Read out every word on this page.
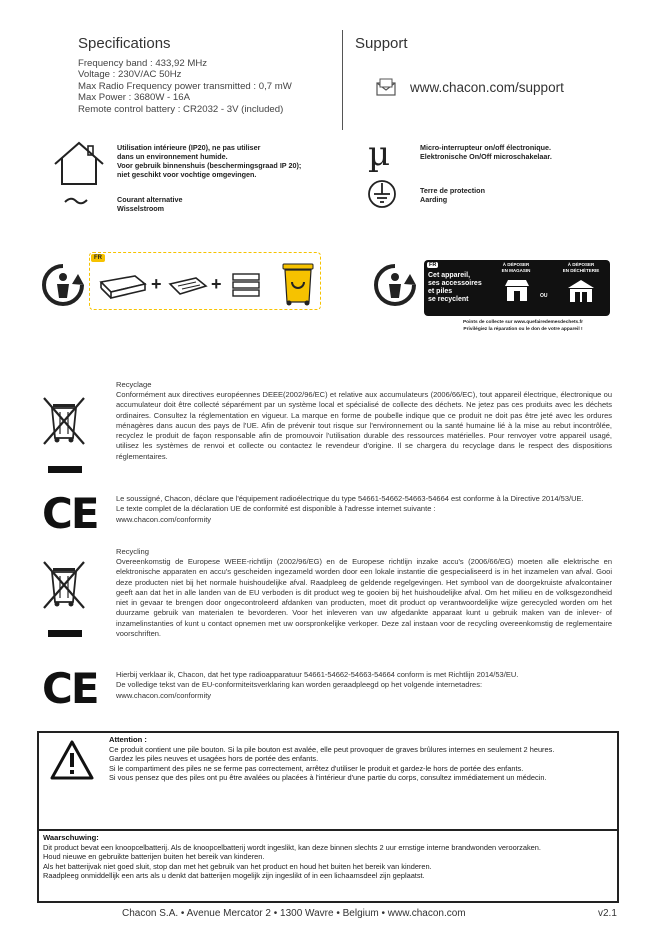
Specifications
Frequency band : 433,92 MHz
Voltage : 230V/AC 50Hz
Max Radio Frequency power transmitted : 0,7 mW
Max Power : 3680W - 16A
Remote control battery : CR2032 - 3V (included)
Support
www.chacon.com/support
Utilisation intérieure (IP20), ne pas utiliser
dans un environnement humide.
Voor gebruik binnenshuis (beschermingsgraad IP 20);
niet geschikt voor vochtige omgevingen.
Courant alternative
Wisselstroom
µ	Micro-interrupteur on/off électronique.
Elektronische On/Off microschakelaar.
Terre de protection
Aarding
FR
+	+
FR
Cet appareil,
ses accessoires
et piles
se recyclent
À DÉPOSER
EN MAGASIN
OU
À DÉPOSER
EN DÉCHÈTERIE
Points de collecte sur www.quefairedemesdechets.fr
Privilégiez la réparation ou le don de votre appareil !
Recyclage
Conformément aux directives européennes DEEE(2002/96/EC) et relative aux accumulateurs (2006/66/EC), tout appareil électrique, électronique ou accumulateur doit être collecté séparément par un système local et spécialisé de collecte des déchets. Ne jetez pas ces produits avec les déchets ordinaires. Consultez la réglementation en vigueur. La marque en forme de poubelle indique que ce produit ne doit pas être jeté avec les ordures ménagères dans aucun des pays de l'UE. Afin de prévenir tout risque sur l'environnement ou la santé humaine lié à la mise au rebut incontrôlée, recyclez le produit de façon responsable afin de promouvoir l'utilisation durable des ressources matérielles. Pour renvoyer votre appareil usagé, utilisez les systèmes de renvoi et collecte ou contactez le revendeur d'origine. Il se chargera du recyclage dans le respect des dispositions réglementaires.
CE Le soussigné, Chacon, déclare que l'équipement radioélectrique du type 54661-54662-54663-54664 est conforme à la Directive 2014/53/UE.
Le texte complet de la déclaration UE de conformité est disponible à l'adresse internet suivante :
www.chacon.com/conformity
Recycling
Overeenkomstig de Europese WEEE-richtlijn (2002/96/EG) en de Europese richtlijn inzake accu's (2006/66/EG) moeten alle elektrische en elektronische apparaten en accu's gescheiden ingezameld worden door een lokale instantie die gespecialiseerd is in het inzamelen van afval. Gooi deze producten niet bij het normale huishoudelijke afval. Raadpleeg de geldende regelgevingen. Het symbool van de doorgekruiste afvalcontainer geeft aan dat het in alle landen van de EU verboden is dit product weg te gooien bij het huishoudelijke afval. Om het milieu en de volksgezondheid niet in gevaar te brengen door ongecontroleerd afdanken van producten, moet dit product op verantwoordelijke wijze gerecycled worden om het duurzame gebruik van materialen te bevorderen. Voor het inleveren van uw afgedankte apparaat kunt u gebruik maken van de inlever- of inzamelinstanties of kunt u contact opnemen met uw oorspronkelijke verkoper. Deze zal instaan voor de recycling overeenkomstig de reglementaire voorschriften.
CE Hierbij verklaar ik, Chacon, dat het type radioapparatuur 54661-54662-54663-54664 conform is met Richtlijn 2014/53/EU.
De volledige tekst van de EU-conformiteitsverklaring kan worden geraadpleegd op het volgende internetadres:
www.chacon.com/conformity
Attention :
Ce produit contient une pile bouton. Si la pile bouton est avalée, elle peut provoquer de graves brûlures internes en seulement 2 heures.
Gardez les piles neuves et usagées hors de portée des enfants.
Si le compartiment des piles ne se ferme pas correctement, arrêtez d'utiliser le produit et gardez-le hors de portée des enfants.
Si vous pensez que des piles ont pu être avalées ou placées à l'intérieur d'une partie du corps, consultez immédiatement un médecin.
Waarschuwing:
Dit product bevat een knoopcelbatterij. Als de knoopcelbatterij wordt ingeslikt, kan deze binnen slechts 2 uur ernstige interne brandwonden veroorzaken.
Houd nieuwe en gebruikte batterijen buiten het bereik van kinderen.
Als het batterijvak niet goed sluit, stop dan met het gebruik van het product en houd het buiten het bereik van kinderen.
Raadpleeg onmiddellijk een arts als u denkt dat batterijen mogelijk zijn ingeslikt of in een lichaamsdeel zijn geplaatst.
Chacon S.A. • Avenue Mercator 2 • 1300 Wavre • Belgium • www.chacon.com	v2.1
